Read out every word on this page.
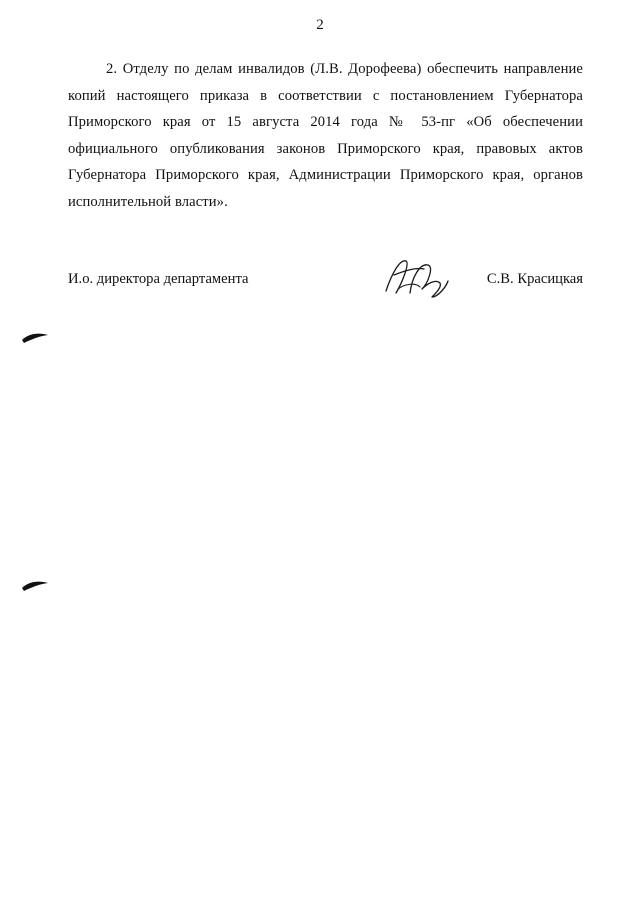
2

2. Отделу по делам инвалидов (Л.В. Дорофеева) обеспечить направление копий настоящего приказа в соответствии с постановлением Губернатора Приморского края от 15 августа 2014 года № 53-пг «Об обеспечении официального опубликования законов Приморского края, правовых актов Губернатора Приморского края, Администрации Приморского края, органов исполнительной власти».

И.о. директора департамента	С.В. Красицкая
